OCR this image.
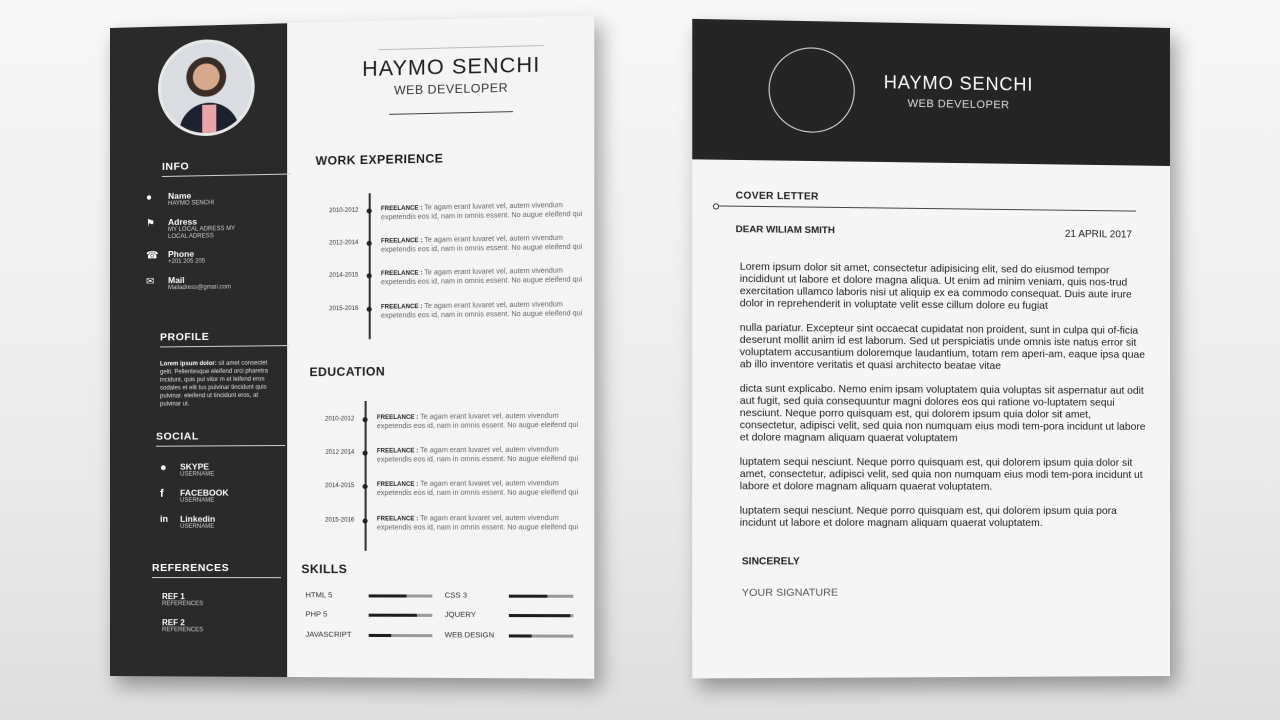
INFO
● Name
HAYMO SENCHI
⚑ Adress
MY LOCAL ADRESS MY LOCAL ADRESS
☎ Phone
+201 205 205
✉ Mail
Mailadress@gmail.com
PROFILE
Lorem ipsum dolor: sit amet consectet gelit. Pellentesque eleifend orci pharetra incidunt, quis pul vitor m et leifend eros sodales et elit tus pulvinar tincidunt quis pulvinar. eleifend ut tincidunt eros, at pulvinar ut.
SOCIAL
● SKYPE
USERNAME
f FACEBOOK
USERNAME
in Linkedin
USERNAME
REFERENCES
REF 1
REFERENCES
REF 2
REFERENCES
HAYMO SENCHI
WEB DEVELOPER
WORK EXPERIENCE
2010-2012	FREELANCE : Te agam erant luvaret vel, autem vivendum expetendis eos id, nam in omnis essent. No augue eleifend qui
2012-2014	FREELANCE : Te agam erant luvaret vel, autem vivendum expetendis eos id, nam in omnis essent. No augue eleifend qui
2014-2015	FREELANCE : Te agam erant luvaret vel, autem vivendum expetendis eos id, nam in omnis essent. No augue eleifend qui
2015-2016	FREELANCE : Te agam erant luvaret vel, autem vivendum expetendis eos id, nam in omnis essent. No augue eleifend qui
EDUCATION
2010-2012	FREELANCE : Te agam erant luvaret vel, autem vivendum expetendis eos id, nam in omnis essent. No augue eleifend qui
2012 2014	FREELANCE : Te agam erant luvaret vel, autem vivendum expetendis eos id, nam in omnis essent. No augue eleifend qui
2014-2015	FREELANCE : Te agam erant luvaret vel, autem vivendum expetendis eos id, nam in omnis essent. No augue eleifend qui
2015-2016	FREELANCE : Te agam erant luvaret vel, autem vivendum expetendis eos id, nam in omnis essent. No augue eleifend qui
SKILLS
HTML 5	CSS 3
PHP 5	JQUERY
JAVASCRIPT	WEB DESIGN
HAYMO SENCHI
WEB DEVELOPER
COVER LETTER
DEAR WILIAM SMITH	21 APRIL 2017
Lorem ipsum dolor sit amet, consectetur adipisicing elit, sed do eiusmod tempor incididunt ut labore et dolore magna aliqua. Ut enim ad minim veniam, quis nos-trud exercitation ullamco laboris nisi ut aliquip ex ea commodo consequat. Duis aute irure dolor in reprehenderit in voluptate velit esse cillum dolore eu fugiat
nulla pariatur. Excepteur sint occaecat cupidatat non proident, sunt in culpa qui of-ficia deserunt mollit anim id est laborum. Sed ut perspiciatis unde omnis iste natus error sit voluptatem accusantium doloremque laudantium, totam rem aperi-am, eaque ipsa quae ab illo inventore veritatis et quasi architecto beatae vitae
dicta sunt explicabo. Nemo enim ipsam voluptatem quia voluptas sit aspernatur aut odit aut fugit, sed quia consequuntur magni dolores eos qui ratione vo-luptatem sequi nesciunt. Neque porro quisquam est, qui dolorem ipsum quia dolor sit amet, consectetur, adipisci velit, sed quia non numquam eius modi tem-pora incidunt ut labore et dolore magnam aliquam quaerat voluptatem
luptatem sequi nesciunt. Neque porro quisquam est, qui dolorem ipsum quia dolor sit amet, consectetur, adipisci velit, sed quia non numquam eius modi tem-pora incidunt ut labore et dolore magnam aliquam quaerat voluptatem.
luptatem sequi nesciunt. Neque porro quisquam est, qui dolorem ipsum quia pora incidunt ut labore et dolore magnam aliquam quaerat voluptatem.
SINCERELY
YOUR SIGNATURE
